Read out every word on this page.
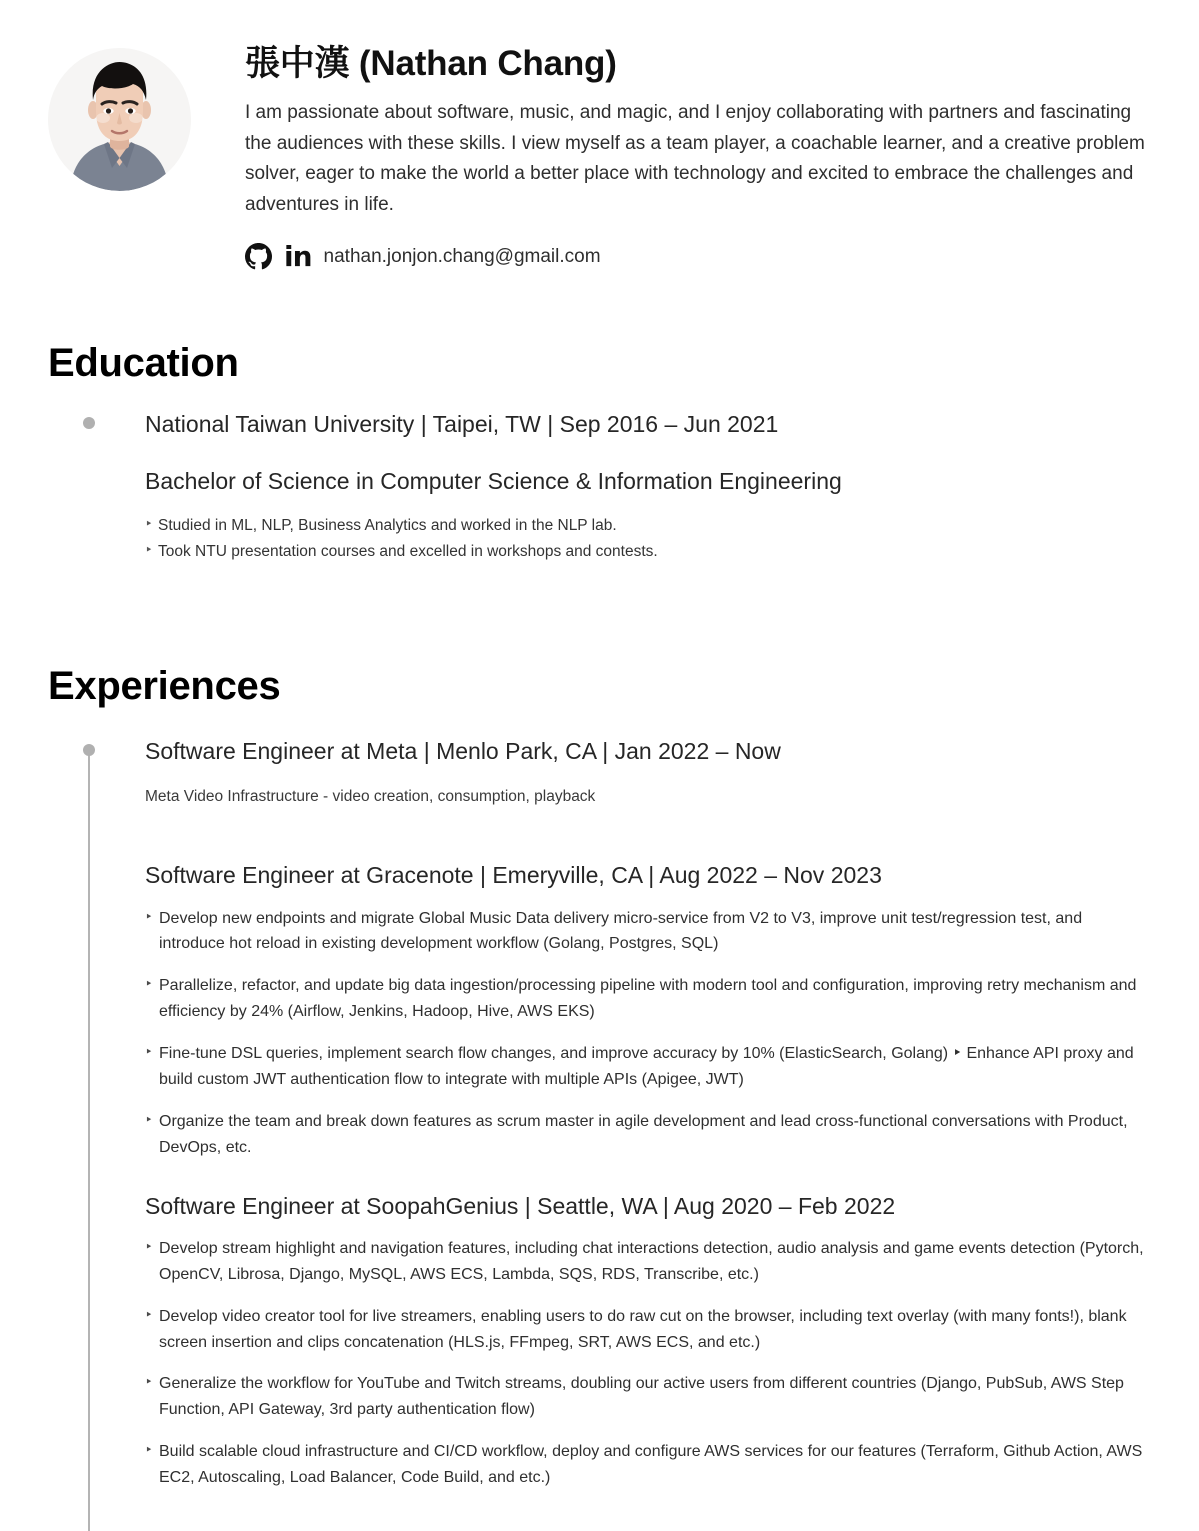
張中漢 (Nathan Chang)

I am passionate about software, music, and magic, and I enjoy collaborating with partners and fascinating the audiences with these skills. I view myself as a team player, a coachable learner, and a creative problem solver, eager to make the world a better place with technology and excited to embrace the challenges and adventures in life.

in nathan.jonjon.chang@gmail.com
Education
National Taiwan University | Taipei, TW | Sep 2016 – Jun 2021
Bachelor of Science in Computer Science & Information Engineering
‣ Studied in ML, NLP, Business Analytics and worked in the NLP lab.
‣ Took NTU presentation courses and excelled in workshops and contests.
Experiences
Software Engineer at Meta | Menlo Park, CA | Jan 2022 – Now
Meta Video Infrastructure - video creation, consumption, playback
Software Engineer at Gracenote | Emeryville, CA | Aug 2022 – Nov 2023
‣ Develop new endpoints and migrate Global Music Data delivery micro-service from V2 to V3, improve unit test/regression test, and introduce hot reload in existing development workflow (Golang, Postgres, SQL)
‣ Parallelize, refactor, and update big data ingestion/processing pipeline with modern tool and configuration, improving retry mechanism and efficiency by 24% (Airflow, Jenkins, Hadoop, Hive, AWS EKS)
‣ Fine-tune DSL queries, implement search flow changes, and improve accuracy by 10% (ElasticSearch, Golang) ‣ Enhance API proxy and build custom JWT authentication flow to integrate with multiple APIs (Apigee, JWT)
‣ Organize the team and break down features as scrum master in agile development and lead cross-functional conversations with Product, DevOps, etc.
Software Engineer at SoopahGenius | Seattle, WA | Aug 2020 – Feb 2022
‣ Develop stream highlight and navigation features, including chat interactions detection, audio analysis and game events detection (Pytorch, OpenCV, Librosa, Django, MySQL, AWS ECS, Lambda, SQS, RDS, Transcribe, etc.)
‣ Develop video creator tool for live streamers, enabling users to do raw cut on the browser, including text overlay (with many fonts!), blank screen insertion and clips concatenation (HLS.js, FFmpeg, SRT, AWS ECS, and etc.)
‣ Generalize the workflow for YouTube and Twitch streams, doubling our active users from different countries (Django, PubSub, AWS Step Function, API Gateway, 3rd party authentication flow)
‣ Build scalable cloud infrastructure and CI/CD workflow, deploy and configure AWS services for our features (Terraform, Github Action, AWS EC2, Autoscaling, Load Balancer, Code Build, and etc.)
